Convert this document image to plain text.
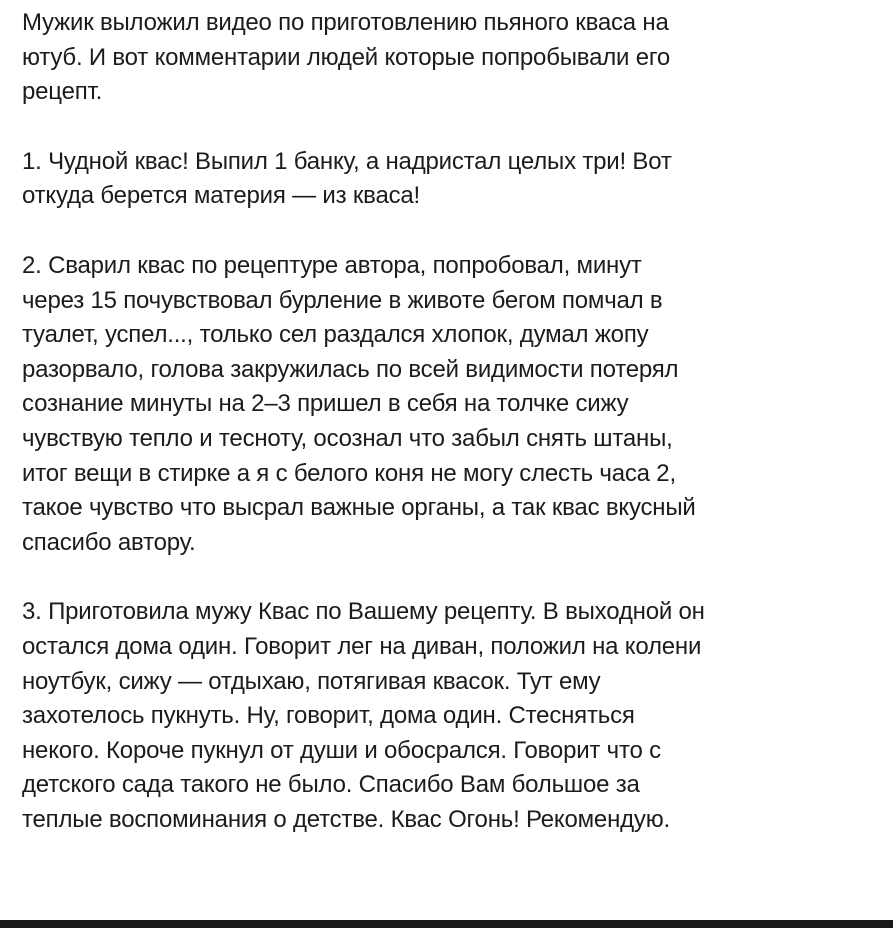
Мужик выложил видео по приготовлению пьяного кваса на
ютуб. И вот комментарии людей которые попробывали его
рецепт.

1. Чудной квас! Выпил 1 банку, а надристал целых три! Вот
откуда берется материя — из кваса!

2. Сварил квас по рецептуре автора, попробовал, минут
через 15 почувствовал бурление в животе бегом помчал в
туалет, успел..., только сел раздался хлопок, думал жопу
разорвало, голова закружилась по всей видимости потерял
сознание минуты на 2–3 пришел в себя на толчке сижу
чувствую тепло и тесноту, осознал что забыл снять штаны,
итог вещи в стирке а я с белого коня не могу слесть часа 2,
такое чувство что высрал важные органы, а так квас вкусный
спасибо автору.

3. Приготовила мужу Квас по Вашему рецепту. В выходной он
остался дома один. Говорит лег на диван, положил на колени
ноутбук, сижу — отдыхаю, потягивая квасок. Тут ему
захотелось пукнуть. Ну, говорит, дома один. Стесняться
некого. Короче пукнул от души и обосрался. Говорит что с
детского сада такого не было. Спасибо Вам большое за
теплые воспоминания о детстве. Квас Огонь! Рекомендую.
